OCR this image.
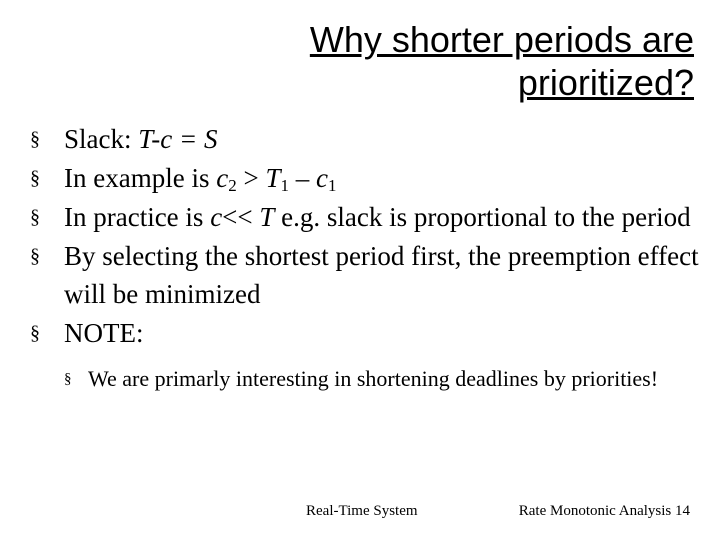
Why shorter periods are
prioritized?
§ Slack: T-c = S
§ In example is $c_2 > T_1 - c_1$
§ In practice is c<< T e.g. slack is proportional to the period
§ By selecting the shortest period first, the preemption effect will be minimized
§ NOTE:
§ We are primarly interesting in shortening deadlines by priorities!
Real-Time System	Rate Monotonic Analysis 14
